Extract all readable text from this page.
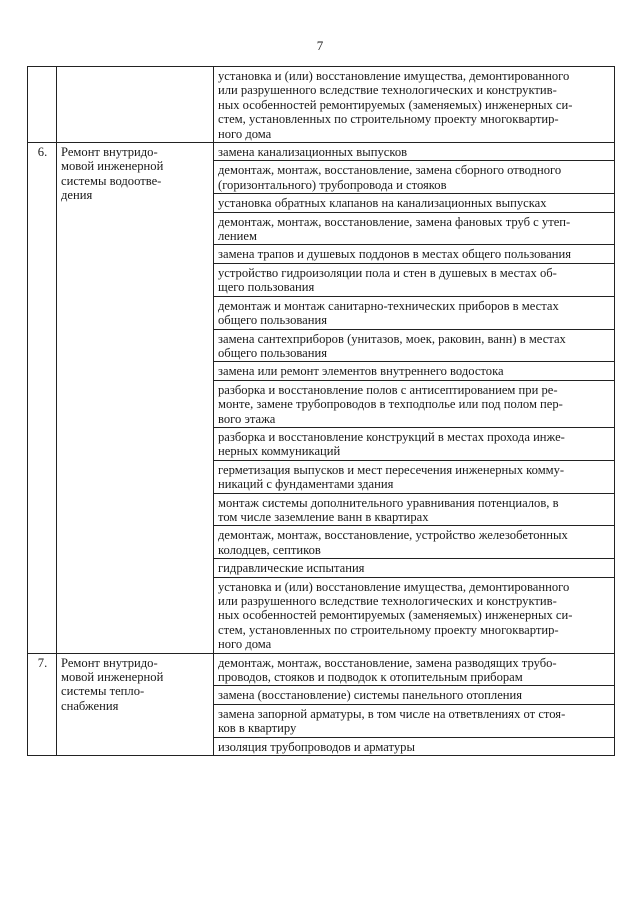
7
		установка и (или) восстановление имущества, демонтированного
или разрушенного вследствие технологических и конструктив-
ных особенностей ремонтируемых (заменяемых) инженерных си-
стем, установленных по строительному проекту многоквартир-
ного дома
6.	Ремонт внутридо-
мовой инженерной
системы водоотве-
дения	замена канализационных выпусков
		демонтаж, монтаж, восстановление, замена сборного отводного
(горизонтального) трубопровода и стояков
		установка обратных клапанов на канализационных выпусках
		демонтаж, монтаж, восстановление, замена фановых труб с утеп-
лением
		замена трапов и душевых поддонов в местах общего пользования
		устройство гидроизоляции пола и стен в душевых в местах об-
щего пользования
		демонтаж и монтаж санитарно-технических приборов в местах
общего пользования
		замена сантехприборов (унитазов, моек, раковин, ванн) в местах
общего пользования
		замена или ремонт элементов внутреннего водостока
		разборка и восстановление полов с антисептированием при ре-
монте, замене трубопроводов в техподполье или под полом пер-
вого этажа
		разборка и восстановление конструкций в местах прохода инже-
нерных коммуникаций
		герметизация выпусков и мест пересечения инженерных комму-
никаций с фундаментами здания
		монтаж системы дополнительного уравнивания потенциалов, в
том числе заземление ванн в квартирах
		демонтаж, монтаж, восстановление, устройство железобетонных
колодцев, септиков
		гидравлические испытания
		установка и (или) восстановление имущества, демонтированного
или разрушенного вследствие технологических и конструктив-
ных особенностей ремонтируемых (заменяемых) инженерных си-
стем, установленных по строительному проекту многоквартир-
ного дома
7.	Ремонт внутридо-
мовой инженерной
системы тепло-
снабжения	демонтаж, монтаж, восстановление, замена разводящих трубо-
проводов, стояков и подводок к отопительным приборам
		замена (восстановление) системы панельного отопления
		замена запорной арматуры, в том числе на ответвлениях от стоя-
ков в квартиру
		изоляция трубопроводов и арматуры
